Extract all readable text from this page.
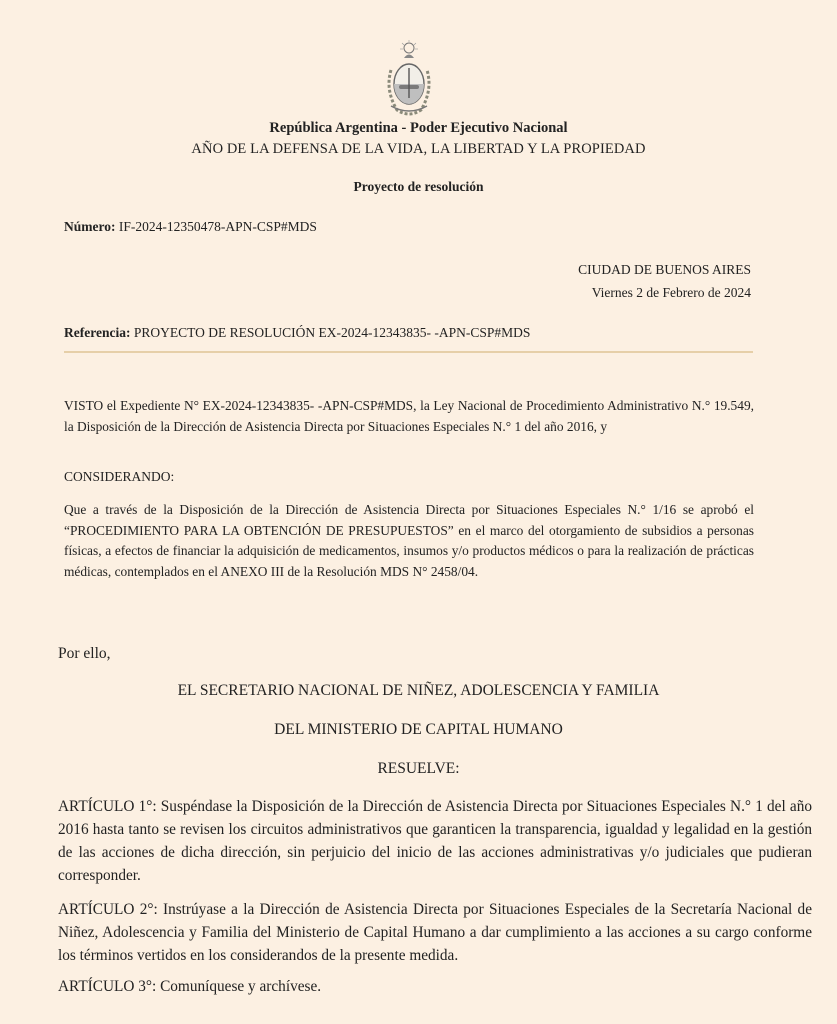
República Argentina - Poder Ejecutivo Nacional
AÑO DE LA DEFENSA DE LA VIDA, LA LIBERTAD Y LA PROPIEDAD
Proyecto de resolución
Número: IF-2024-12350478-APN-CSP#MDS
CIUDAD DE BUENOS AIRES
Viernes 2 de Febrero de 2024
Referencia: PROYECTO DE RESOLUCIÓN EX-2024-12343835- -APN-CSP#MDS
VISTO el Expediente N° EX-2024-12343835- -APN-CSP#MDS, la Ley Nacional de Procedimiento Administrativo N.° 19.549, la Disposición de la Dirección de Asistencia Directa por Situaciones Especiales N.° 1 del año 2016, y
CONSIDERANDO:
Que a través de la Disposición de la Dirección de Asistencia Directa por Situaciones Especiales N.° 1/16 se aprobó el “PROCEDIMIENTO PARA LA OBTENCIÓN DE PRESUPUESTOS” en el marco del otorgamiento de subsidios a personas físicas, a efectos de financiar la adquisición de medicamentos, insumos y/o productos médicos o para la realización de prácticas médicas, contemplados en el ANEXO III de la Resolución MDS N° 2458/04.
Por ello,
EL SECRETARIO NACIONAL DE NIÑEZ, ADOLESCENCIA Y FAMILIA
DEL MINISTERIO DE CAPITAL HUMANO
RESUELVE:
ARTÍCULO 1°: Suspéndase la Disposición de la Dirección de Asistencia Directa por Situaciones Especiales N.° 1 del año 2016 hasta tanto se revisen los circuitos administrativos que garanticen la transparencia, igualdad y legalidad en la gestión de las acciones de dicha dirección, sin perjuicio del inicio de las acciones administrativas y/o judiciales que pudieran corresponder.
ARTÍCULO 2°: Instrúyase a la Dirección de Asistencia Directa por Situaciones Especiales de la Secretaría Nacional de Niñez, Adolescencia y Familia del Ministerio de Capital Humano a dar cumplimiento a las acciones a su cargo conforme los términos vertidos en los considerandos de la presente medida.
ARTÍCULO 3°: Comuníquese y archívese.
